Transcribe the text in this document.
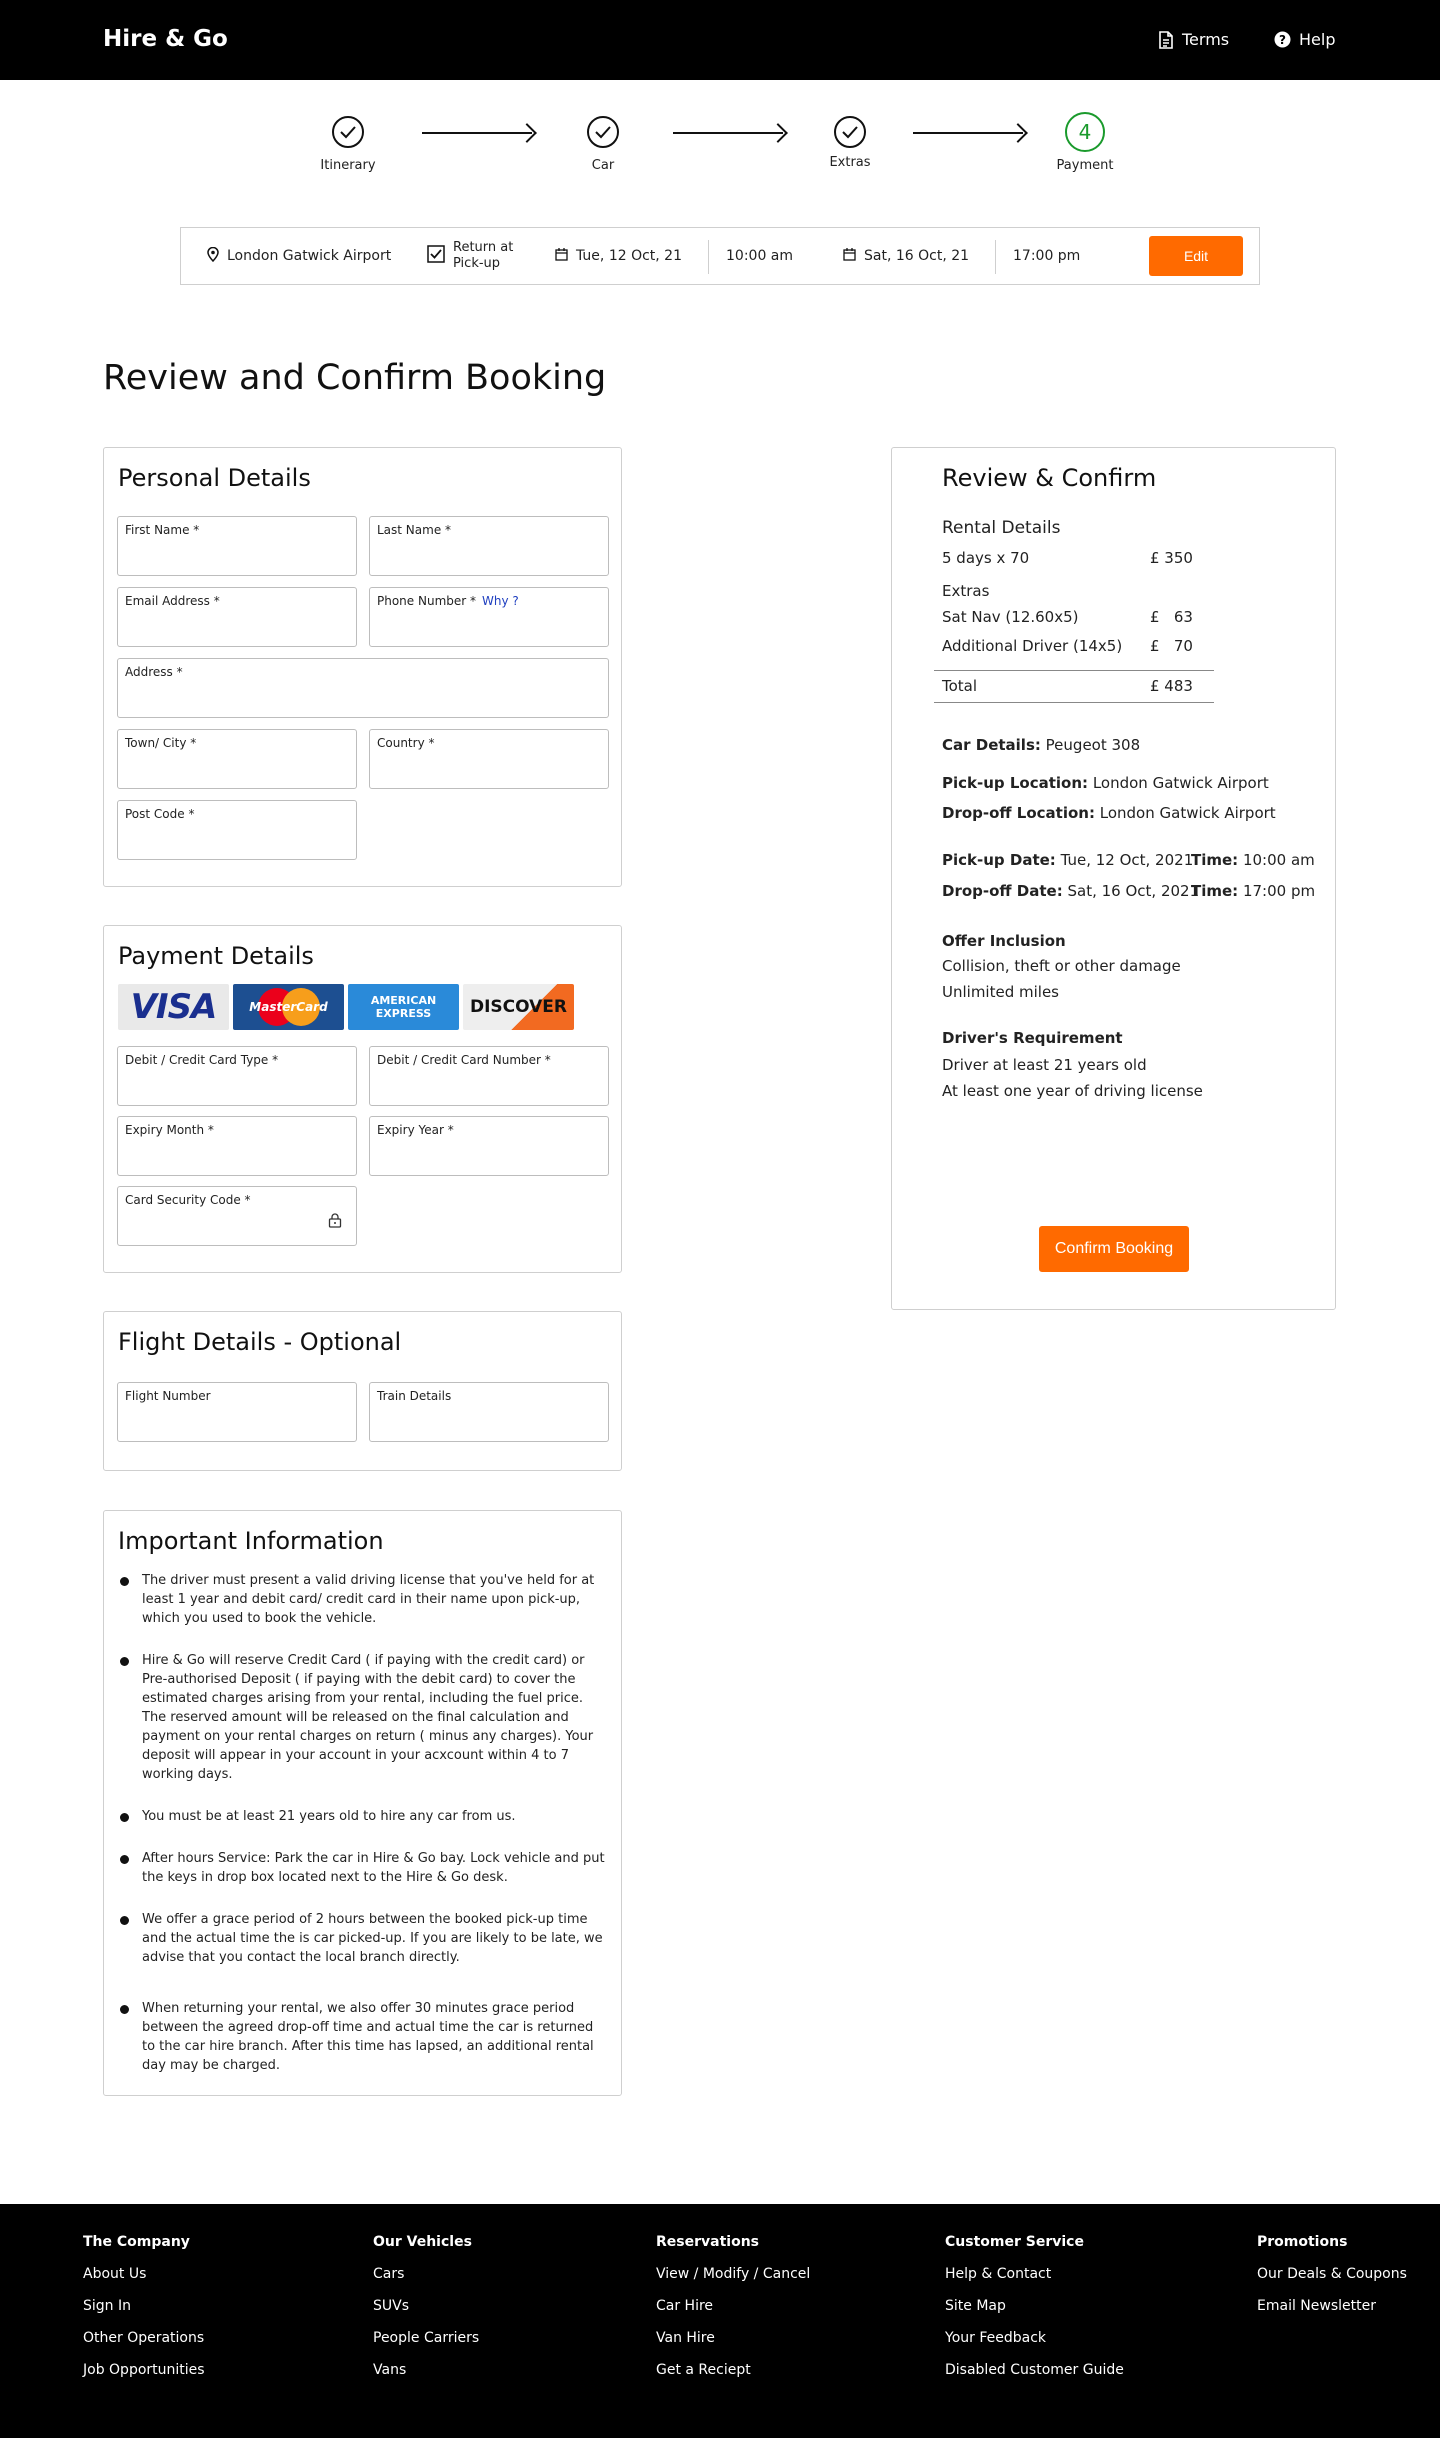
Hire & Go	Terms	? Help
Itinerary	Car	Extras
4
Payment
London Gatwick Airport
Return at Pick-up	Tue, 12 Oct, 21	10:00 am	Sat, 16 Oct, 21	17:00 pm	Edit
Review and Confirm Booking
Personal Details
First Name *	Last Name *
Email Address *	Phone Number * Why ?
Address *
Town/ City *	Country *
Post Code *
Payment Details
VISA	MasterCard	AMERICAN EXPRESS	DISCOVER
Debit / Credit Card Type *	Debit / Credit Card Number *
Expiry Month *	Expiry Year *
Card Security Code *
Flight Details - Optional
Flight Number	Train Details
Important Information
The driver must present a valid driving license that you've held for at least 1 year and debit card/ credit card in their name upon pick-up, which you used to book the vehicle.
Hire & Go will reserve Credit Card ( if paying with the credit card) or Pre-authorised Deposit ( if paying with the debit card) to cover the estimated charges arising from your rental, including the fuel price. The reserved amount will be released on the final calculation and payment on your rental charges on return ( minus any charges). Your deposit will appear in your account in your acxcount within 4 to 7 working days.
You must be at least 21 years old to hire any car from us.
After hours Service: Park the car in Hire & Go bay. Lock vehicle and put the keys in drop box located next to the Hire & Go desk.
We offer a grace period of 2 hours between the booked pick-up time and the actual time the is car picked-up. If you are likely to be late, we advise that you contact the local branch directly.
When returning your rental, we also offer 30 minutes grace period between the agreed drop-off time and actual time the car is returned to the car hire branch. After this time has lapsed, an additional rental day may be charged.
Review & Confirm
Rental Details
5 days x 70	£ 350
Extras
Sat Nav (12.60x5)	£   63
Additional Driver (14x5) £   70
Total	£ 483
Car Details: Peugeot 308
Pick-up Location: London Gatwick Airport
Drop-off Location: London Gatwick Airport
Pick-up Date: Tue, 12 Oct, 2021
Time: 10:00 am
Drop-off Date: Sat, 16 Oct, 2021
Time: 17:00 pm
Offer Inclusion
Collision, theft or other damage
Unlimited miles
Driver's Requirement
Driver at least 21 years old
At least one year of driving license
Confirm Booking
The Company
About Us
Sign In
Other Operations
Job Opportunities
Our Vehicles
Cars
SUVs
People Carriers
Vans
Reservations
View / Modify / Cancel
Car Hire
Van Hire
Get a Reciept
Customer Service
Help & Contact
Site Map
Your Feedback
Disabled Customer Guide
Promotions
Our Deals & Coupons
Email Newsletter
